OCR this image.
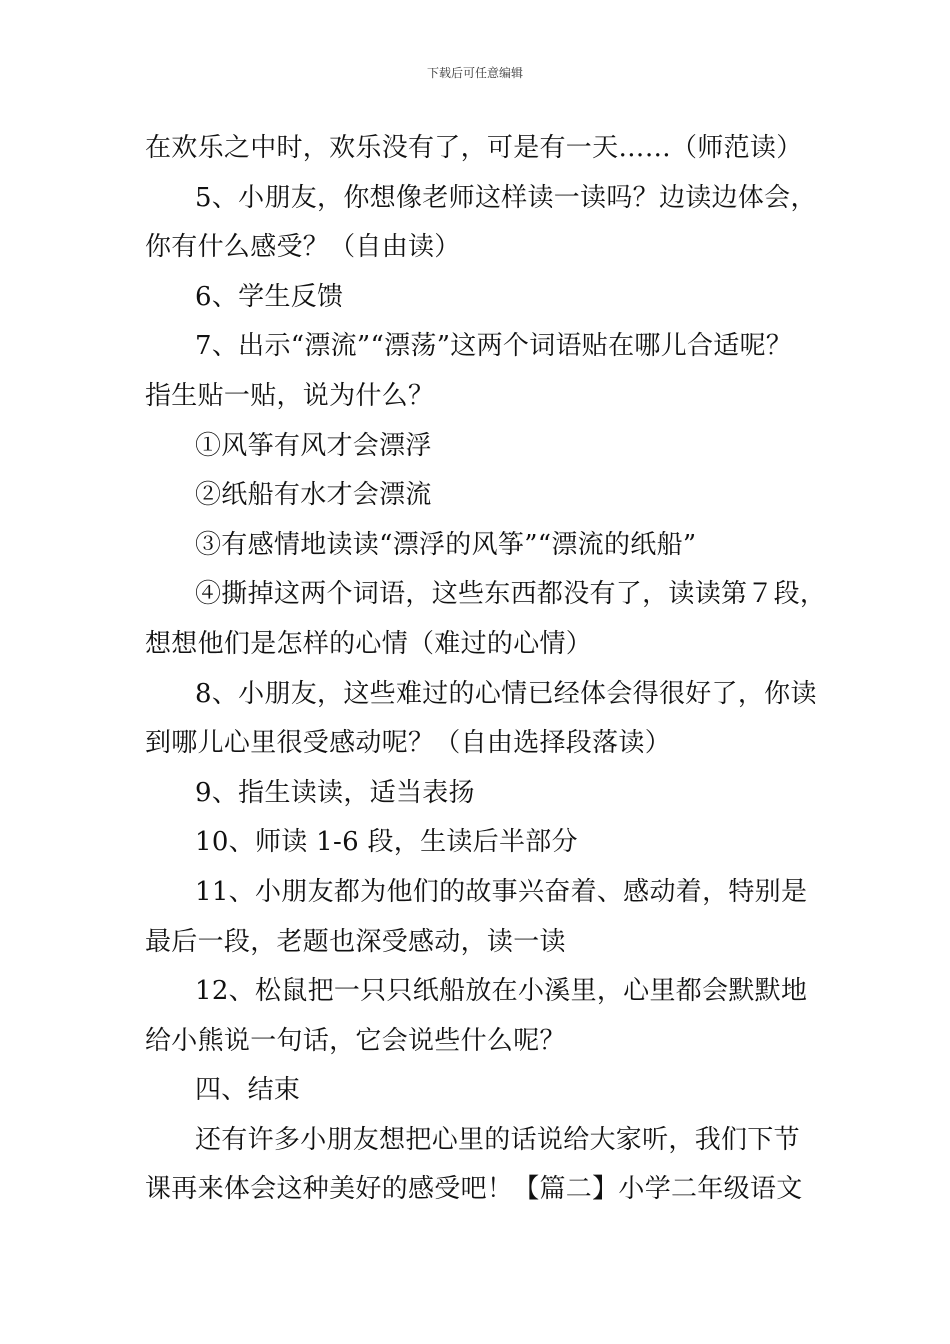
下载后可任意编辑
在欢乐之中时，欢乐没有了，可是有一天……（师范读）
5、小朋友，你想像老师这样读一读吗？边读边体会，
你有什么感受？（自由读）
6、学生反馈
7、出示“漂流”“漂荡”这两个词语贴在哪儿合适呢？
指生贴一贴，说为什么？
①风筝有风才会漂浮
②纸船有水才会漂流
③有感情地读读“漂浮的风筝”“漂流的纸船”
④撕掉这两个词语，这些东西都没有了，读读第７段，
想想他们是怎样的心情（难过的心情）
8、小朋友，这些难过的心情已经体会得很好了，你读
到哪儿心里很受感动呢？（自由选择段落读）
9、指生读读，适当表扬
10、师读 1-6 段，生读后半部分
11、小朋友都为他们的故事兴奋着、感动着，特别是
最后一段，老题也深受感动，读一读
12、松鼠把一只只纸船放在小溪里，心里都会默默地
给小熊说一句话，它会说些什么呢？
四、结束
还有许多小朋友想把心里的话说给大家听，我们下节
课再来体会这种美好的感受吧！【篇二】小学二年级语文
